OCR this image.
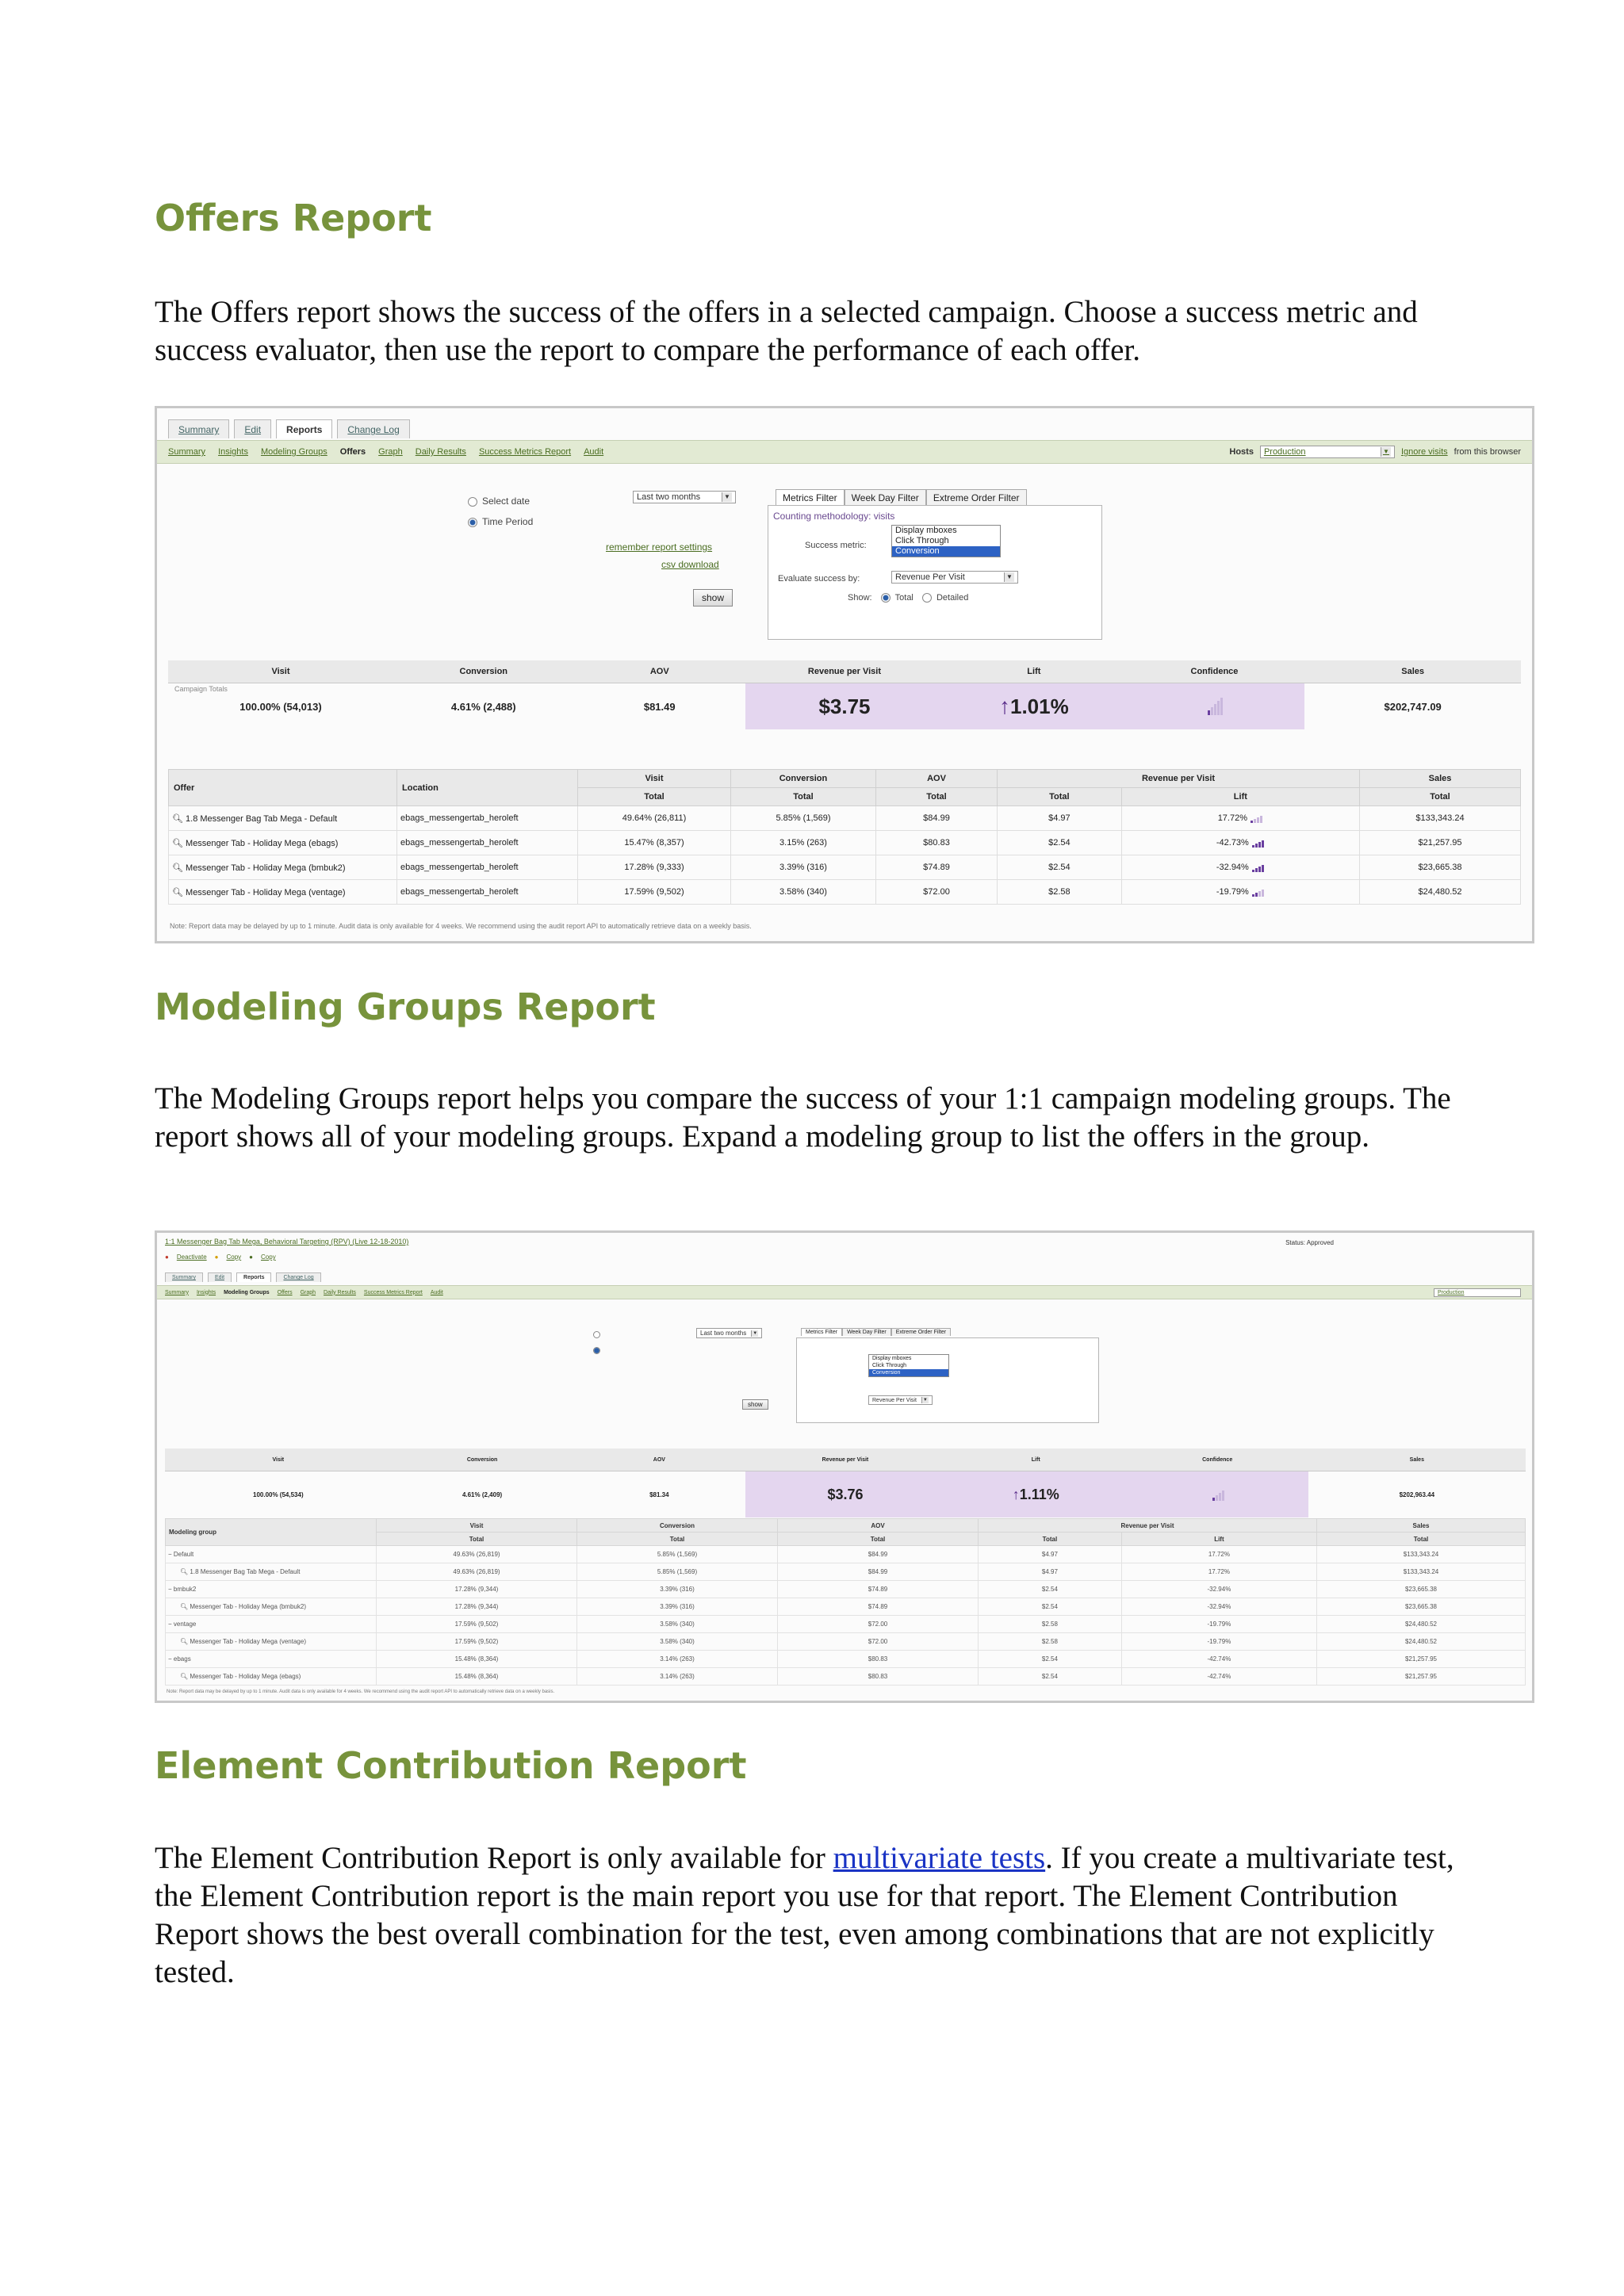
Offers Report

The Offers report shows the success of the offers in a selected campaign. Choose a success metric and success evaluator, then use the report to compare the performance of each offer.

Summary	Edit	Reports	Change Log
Summary Insights Modeling Groups Offers Graph Daily Results Success Metrics Report Audit	Hosts Production	▼ Ignore visits from this browser
Select date
Time Period
Last two months	▼
remember report settings
csv download
show
Metrics Filter	Week Day Filter	Extreme Order Filter
Counting methodology: visits
Success metric:
Display mboxes
Click Through
Conversion
Evaluate success by:	Revenue Per Visit	▼
Show:	Total	Detailed
Visit	Conversion	AOV	Revenue per Visit	Lift	Confidence	Sales

Campaign Totals
100.00% (54,013)	4.61% (2,488)	$81.49	$3.75	↑1.01%		$202,747.09
Offer	Location	Visit	Conversion	AOV	Revenue per Visit		Sales
		Total	Total	Total	Total	Lift	Total
🔍︎ 1.8 Messenger Bag Tab Mega - Default	ebags_messengertab_heroleft	49.64% (26,811)	5.85% (1,569)	$84.99	$4.97	17.72%	$133,343.24
🔍︎ Messenger Tab - Holiday Mega (ebags)	ebags_messengertab_heroleft	15.47% (8,357)	3.15% (263)	$80.83	$2.54	-42.73%	$21,257.95
🔍︎ Messenger Tab - Holiday Mega (bmbuk2)	ebags_messengertab_heroleft	17.28% (9,333)	3.39% (316)	$74.89	$2.54	-32.94%	$23,665.38
🔍︎ Messenger Tab - Holiday Mega (ventage)	ebags_messengertab_heroleft	17.59% (9,502)	3.58% (340)	$72.00	$2.58	-19.79%	$24,480.52
Note: Report data may be delayed by up to 1 minute. Audit data is only available for 4 weeks. We recommend using the audit report API to automatically retrieve data on a weekly basis.
Modeling Groups Report

The Modeling Groups report helps you compare the success of your 1:1 campaign modeling groups. The report shows all of your modeling groups. Expand a modeling group to list the offers in the group.

1:1 Messenger Bag Tab Mega, Behavioral Targeting (RPV) (Live 12-18-2010)	Status: Approved
● Deactivate ● Copy ● Copy
Summary	Edit	Reports	Change Log
Summary Insights Modeling Groups Offers Graph Daily Results Success Metrics Report Audit	Production
Last two months	▼
show
Metrics Filter	Week Day Filter	Extreme Order Filter
Display mboxes
Click Through
Conversion
Revenue Per Visit	▼
Visit	Conversion	AOV	Revenue per Visit	Lift	Confidence	Sales
100.00% (54,534)	4.61% (2,409)	$81.34	$3.76	↑1.11%		$202,963.44
Modeling group	Visit	Conversion	AOV	Revenue per Visit		Sales
	Total	Total	Total	Total	Lift	Total
− Default	49.63% (26,819)	5.85% (1,569)	$84.99	$4.97	17.72%	$133,343.24
🔍︎ 1.8 Messenger Bag Tab Mega - Default	49.63% (26,819)	5.85% (1,569)	$84.99	$4.97	17.72%	$133,343.24
− bmbuk2	17.28% (9,344)	3.39% (316)	$74.89	$2.54	-32.94%	$23,665.38
🔍︎ Messenger Tab - Holiday Mega (bmbuk2)	17.28% (9,344)	3.39% (316)	$74.89	$2.54	-32.94%	$23,665.38
− ventage	17.59% (9,502)	3.58% (340)	$72.00	$2.58	-19.79%	$24,480.52
🔍︎ Messenger Tab - Holiday Mega (ventage)	17.59% (9,502)	3.58% (340)	$72.00	$2.58	-19.79%	$24,480.52
− ebags	15.48% (8,364)	3.14% (263)	$80.83	$2.54	-42.74%	$21,257.95
🔍︎ Messenger Tab - Holiday Mega (ebags)	15.48% (8,364)	3.14% (263)	$80.83	$2.54	-42.74%	$21,257.95
Note: Report data may be delayed by up to 1 minute. Audit data is only available for 4 weeks. We recommend using the audit report API to automatically retrieve data on a weekly basis.
Element Contribution Report

The Element Contribution Report is only available for multivariate tests. If you create a multivariate test, the Element Contribution report is the main report you use for that report. The Element Contribution Report shows the best overall combination for the test, even among combinations that are not explicitly tested.
